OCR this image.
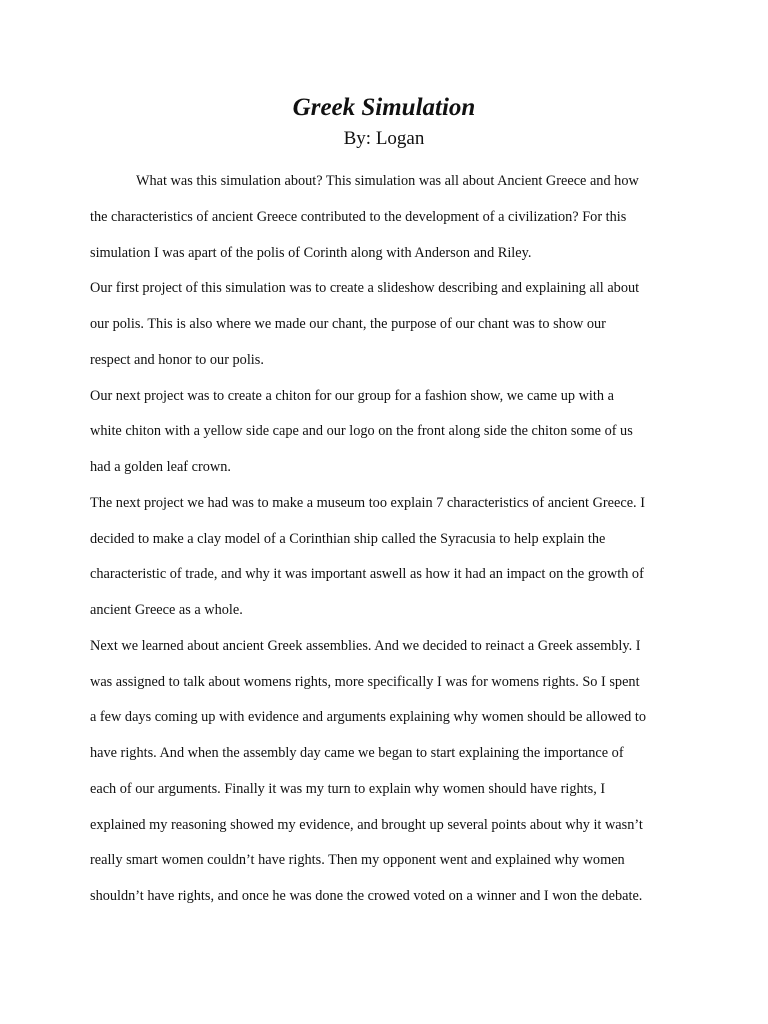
Greek Simulation
By: Logan
What was this simulation about? This simulation was all about Ancient Greece and how
the characteristics of ancient Greece contributed to the development of a civilization? For this
simulation I was apart of the polis of Corinth along with Anderson and Riley.
Our first project of this simulation was to create a slideshow describing and explaining all about
our polis. This is also where we made our chant, the purpose of our chant was to show our
respect and honor to our polis.
Our next project was to create a chiton for our group for a fashion show, we came up with a
white chiton with a yellow side cape and our logo on the front along side the chiton some of us
had a golden leaf crown.
The next project we had was to make a museum too explain 7 characteristics of ancient Greece. I
decided to make a clay model of a Corinthian ship called the Syracusia to help explain the
characteristic of trade, and why it was important aswell as how it had an impact on the growth of
ancient Greece as a whole.
Next we learned about ancient Greek assemblies. And we decided to reinact a Greek assembly. I
was assigned to talk about womens rights, more specifically I was for womens rights. So I spent
a few days coming up with evidence and arguments explaining why women should be allowed to
have rights. And when the assembly day came we began to start explaining the importance of
each of our arguments. Finally it was my turn to explain why women should have rights, I
explained my reasoning showed my evidence, and brought up several points about why it wasn’t
really smart women couldn’t have rights. Then my opponent went and explained why women
shouldn’t have rights, and once he was done the crowed voted on a winner and I won the debate.
